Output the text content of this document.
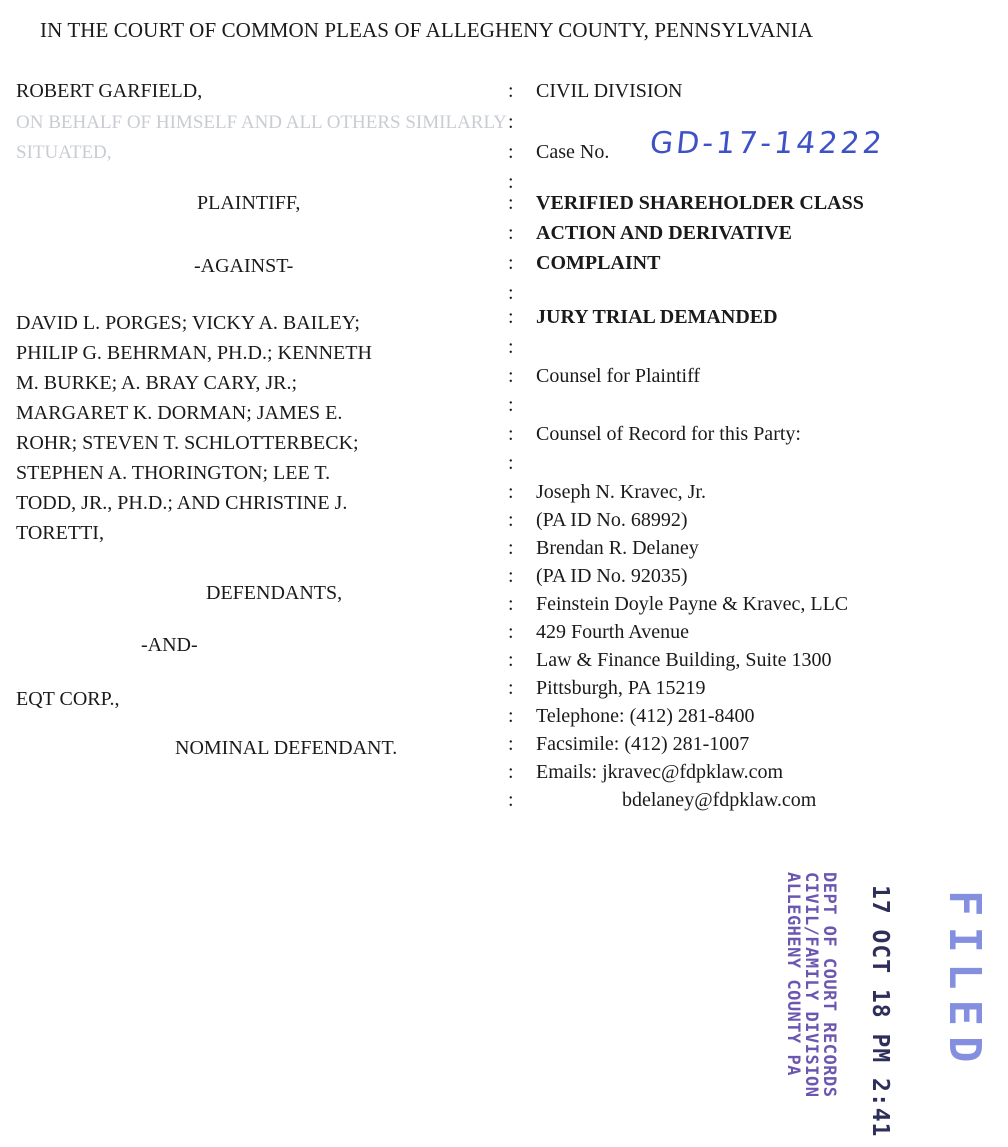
IN THE COURT OF COMMON PLEAS OF ALLEGHENY COUNTY, PENNSYLVANIA
ROBERT GARFIELD,
ON BEHALF OF HIMSELF AND ALL OTHERS SIMILARLY
SITUATED,
PLAINTIFF,
-AGAINST-
DAVID L. PORGES; VICKY A. BAILEY;
PHILIP G. BEHRMAN, PH.D.; KENNETH
M. BURKE; A. BRAY CARY, JR.;
MARGARET K. DORMAN; JAMES E.
ROHR; STEVEN T. SCHLOTTERBECK;
STEPHEN A. THORINGTON; LEE T.
TODD, JR., PH.D.; AND CHRISTINE J.
TORETTI,
DEFENDANTS,
-AND-
EQT CORP.,
NOMINAL DEFENDANT.
:
:
:
:
:
:
:
:
:
:
:
:
:
:
:
:
:
:
:
:
:
:
:
:
:
:
CIVIL DIVISION
Case No. GD-17-14222
VERIFIED SHAREHOLDER CLASS
ACTION AND DERIVATIVE
COMPLAINT
JURY TRIAL DEMANDED
Counsel for Plaintiff
Counsel of Record for this Party:
Joseph N. Kravec, Jr.
(PA ID No. 68992)
Brendan R. Delaney
(PA ID No. 92035)
Feinstein Doyle Payne & Kravec, LLC
429 Fourth Avenue
Law & Finance Building, Suite 1300
Pittsburgh, PA 15219
Telephone: (412) 281-8400
Facsimile: (412) 281-1007
Emails: jkravec@fdpklaw.com
bdelaney@fdpklaw.com
DEPT OF COURT RECORDS
CIVIL/FAMILY DIVISION
ALLEGHENY COUNTY PA	17 OCT 18 PM 2:41 FILED
